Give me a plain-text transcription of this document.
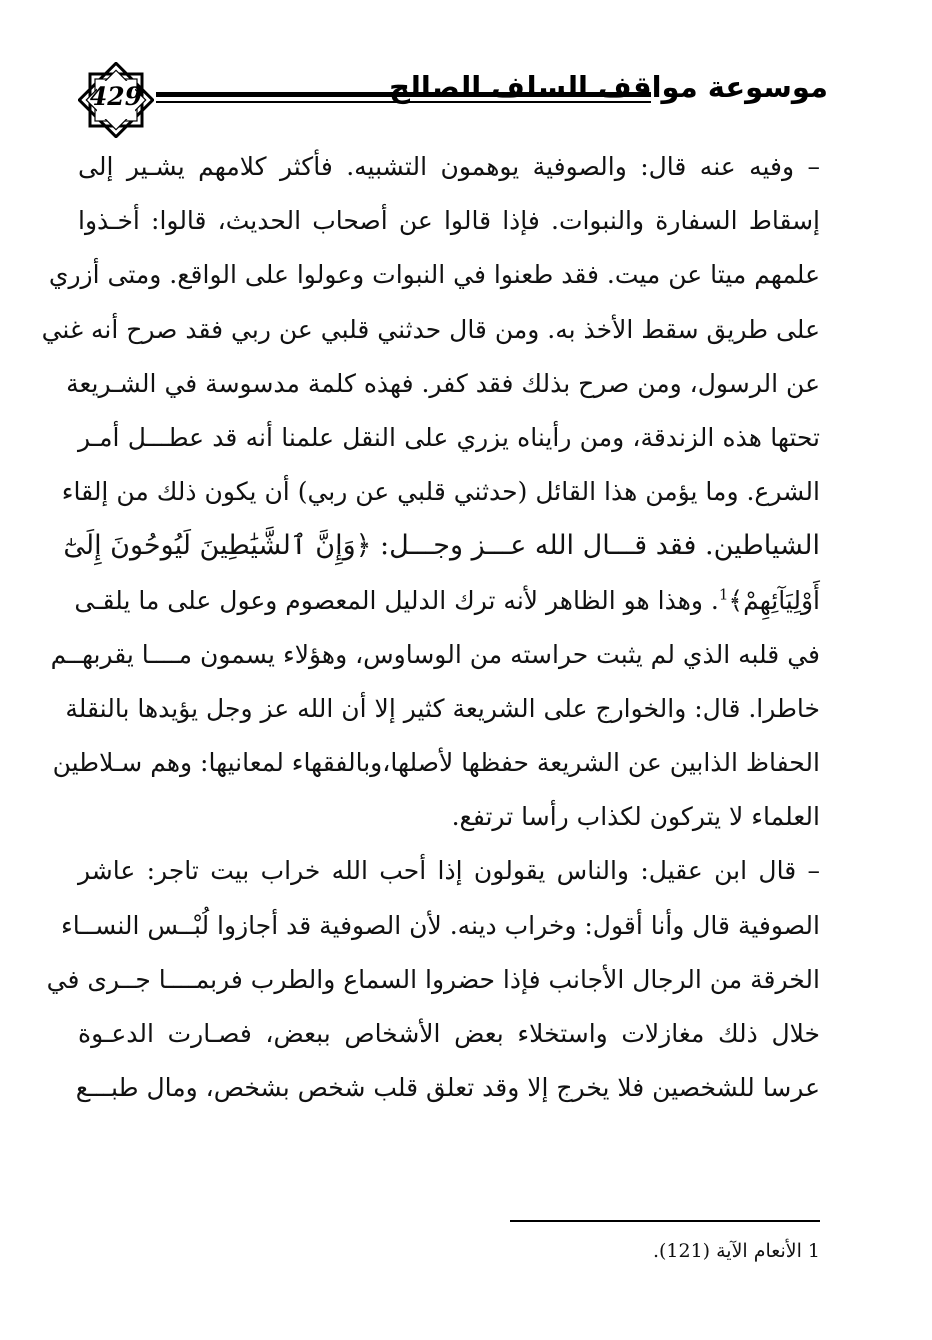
429	موسوعة مواقف السلف الصالح
– وفيه عنه قال: والصوفية يوهمون التشبيه. فأكثر كلامهم يشـير إلى
إسقاط السفارة والنبوات. فإذا قالوا عن أصحاب الحديث، قالوا: أخـذوا
علمهم ميتا عن ميت. فقد طعنوا في النبوات وعولوا على الواقع. ومتى أزري
على طريق سقط الأخذ به. ومن قال حدثني قلبي عن ربي فقد صرح أنه غني
عن الرسول، ومن صرح بذلك فقد كفر. فهذه كلمة مدسوسة في الشـريعة
تحتها هذه الزندقة، ومن رأيناه يزري على النقل علمنا أنه قد عطـــل أمـر
الشرع. وما يؤمن هذا القائل (حدثني قلبي عن ربي) أن يكون ذلك من إلقاء
الشياطين. فقد قـــال الله عـــز وجـــل: ﴿وَإِنَّ ٱلشَّيَٰطِينَ لَيُوحُونَ إِلَىٰٓ
أَوْلِيَآئِهِمْ﴾$^1$. وهذا هو الظاهر لأنه ترك الدليل المعصوم وعول على ما يلقـى
في قلبه الذي لم يثبت حراسته من الوساوس، وهؤلاء يسمون مــــا يقربهــم
خاطرا. قال: والخوارج على الشريعة كثير إلا أن الله عز وجل يؤيدها بالنقلة
الحفاظ الذابين عن الشريعة حفظها لأصلها،وبالفقهاء لمعانيها: وهم سـلاطين
العلماء لا يتركون لكذاب رأسا ترتفع.
– قال ابن عقيل: والناس يقولون إذا أحب الله خراب بيت تاجر: عاشر
الصوفية قال وأنا أقول: وخراب دينه. لأن الصوفية قد أجازوا لُبْــس النســاء
الخرقة من الرجال الأجانب فإذا حضروا السماع والطرب فربمــــا جــرى في
خلال ذلك مغازلات واستخلاء بعض الأشخاص ببعض، فصـارت الدعـوة
عرسا للشخصين فلا يخرج إلا وقد تعلق قلب شخص بشخص، ومال طبـــع
1 الأنعام الآية (121).
